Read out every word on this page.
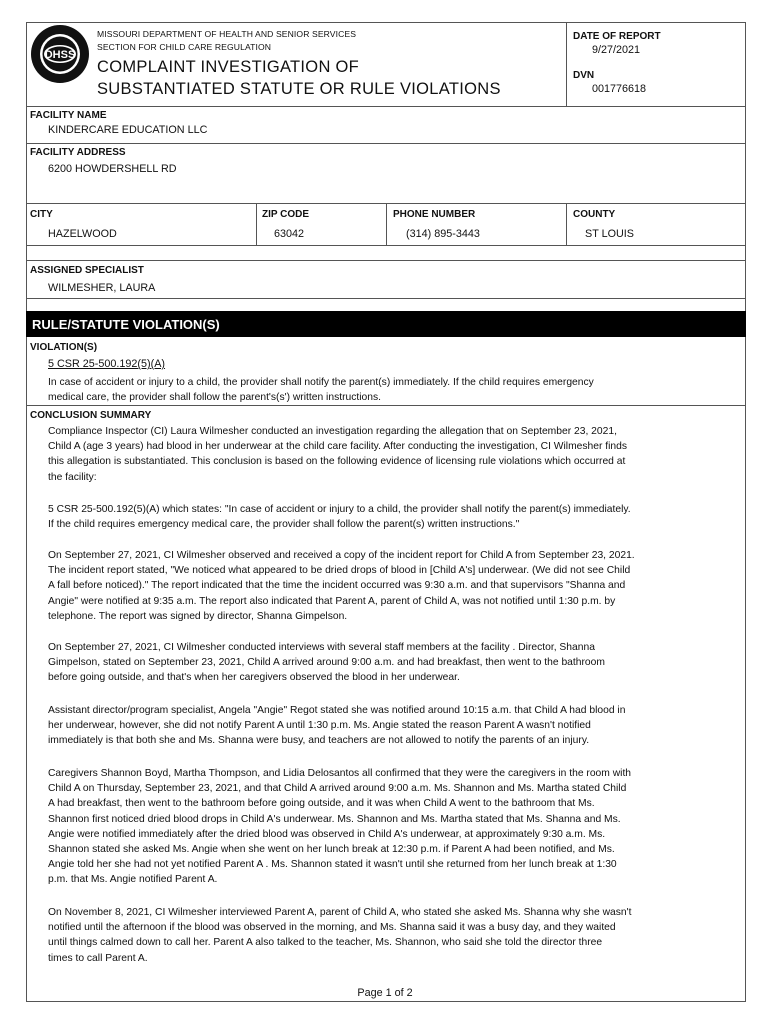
DHSS
MISSOURI DEPARTMENT OF HEALTH AND SENIOR SERVICES
SECTION FOR CHILD CARE REGULATION
COMPLAINT INVESTIGATION OF
SUBSTANTIATED STATUTE OR RULE VIOLATIONS
DATE OF REPORT
9/27/2021
DVN
001776618
FACILITY NAME
KINDERCARE EDUCATION LLC
FACILITY ADDRESS
6200 HOWDERSHELL RD
CITY
HAZELWOOD
ZIP CODE
63042
PHONE NUMBER
(314) 895-3443
COUNTY
ST LOUIS
ASSIGNED SPECIALIST
WILMESHER, LAURA
RULE/STATUTE VIOLATION(S)
VIOLATION(S)
5 CSR 25-500.192(5)(A)
In case of accident or injury to a child, the provider shall notify the parent(s) immediately. If the child requires emergency
medical care, the provider shall follow the parent's(s') written instructions.
CONCLUSION SUMMARY
Compliance Inspector (CI) Laura Wilmesher conducted an investigation regarding the allegation that on September 23, 2021,
Child A (age 3 years) had blood in her underwear at the child care facility. After conducting the investigation, CI Wilmesher finds
this allegation is substantiated. This conclusion is based on the following evidence of licensing rule violations which occurred at
the facility:
5 CSR 25-500.192(5)(A) which states: "In case of accident or injury to a child, the provider shall notify the parent(s) immediately.
If the child requires emergency medical care, the provider shall follow the parent(s) written instructions."
On September 27, 2021, CI Wilmesher observed and received a copy of the incident report for Child A from September 23, 2021.
The incident report stated, "We noticed what appeared to be dried drops of blood in [Child A's] underwear. (We did not see Child
A fall before noticed)." The report indicated that the time the incident occurred was 9:30 a.m. and that supervisors "Shanna and
Angie" were notified at 9:35 a.m. The report also indicated that Parent A, parent of Child A, was not notified until 1:30 p.m. by
telephone. The report was signed by director, Shanna Gimpelson.
On September 27, 2021, CI Wilmesher conducted interviews with several staff members at the facility . Director, Shanna
Gimpelson, stated on September 23, 2021, Child A arrived around 9:00 a.m. and had breakfast, then went to the bathroom
before going outside, and that's when her caregivers observed the blood in her underwear.
Assistant director/program specialist, Angela "Angie" Regot stated she was notified around 10:15 a.m. that Child A had blood in
her underwear, however, she did not notify Parent A until 1:30 p.m. Ms. Angie stated the reason Parent A wasn't notified
immediately is that both she and Ms. Shanna were busy, and teachers are not allowed to notify the parents of an injury.
Caregivers Shannon Boyd, Martha Thompson, and Lidia Delosantos all confirmed that they were the caregivers in the room with
Child A on Thursday, September 23, 2021, and that Child A arrived around 9:00 a.m. Ms. Shannon and Ms. Martha stated Child
A had breakfast, then went to the bathroom before going outside, and it was when Child A went to the bathroom that Ms.
Shannon first noticed dried blood drops in Child A's underwear. Ms. Shannon and Ms. Martha stated that Ms. Shanna and Ms.
Angie were notified immediately after the dried blood was observed in Child A's underwear, at approximately 9:30 a.m. Ms.
Shannon stated she asked Ms. Angie when she went on her lunch break at 12:30 p.m. if Parent A had been notified, and Ms.
Angie told her she had not yet notified Parent A . Ms. Shannon stated it wasn't until she returned from her lunch break at 1:30
p.m. that Ms. Angie notified Parent A.
On November 8, 2021, CI Wilmesher interviewed Parent A, parent of Child A, who stated she asked Ms. Shanna why she wasn't
notified until the afternoon if the blood was observed in the morning, and Ms. Shanna said it was a busy day, and they waited
until things calmed down to call her. Parent A also talked to the teacher, Ms. Shannon, who said she told the director three
times to call Parent A.
Page 1 of 2
